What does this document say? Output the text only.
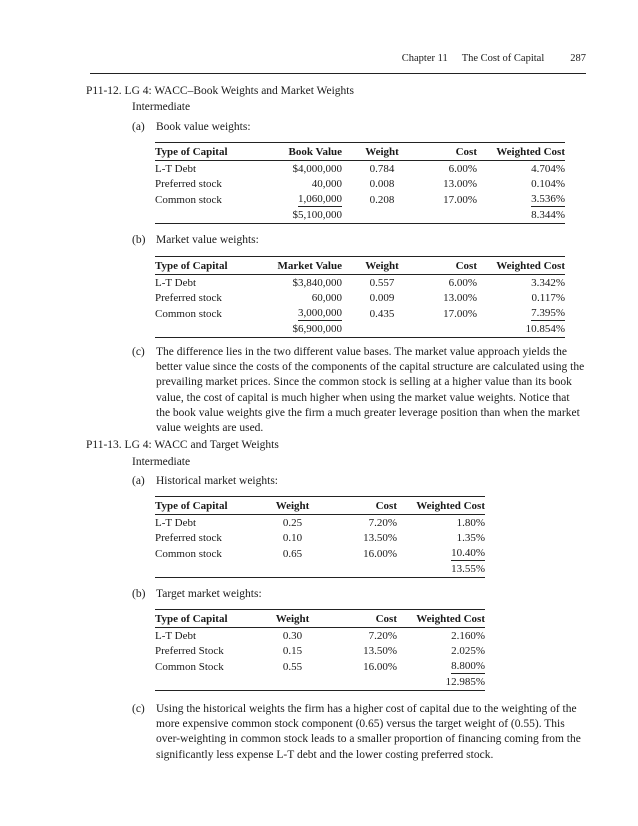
Chapter 11 The Cost of Capital 287
P11-12. LG 4: WACC–Book Weights and Market Weights
Intermediate
(a) Book value weights:
Type of Capital	Book Value	Weight	Cost	Weighted Cost
L-T Debt	$4,000,000	0.784	6.00%	4.704%
Preferred stock	40,000	0.008	13.00%	0.104%
Common stock	1,060,000	0.208	17.00%	3.536%
	$5,100,000			8.344%
(b) Market value weights:
Type of Capital	Market Value	Weight	Cost	Weighted Cost
L-T Debt	$3,840,000	0.557	6.00%	3.342%
Preferred stock	60,000	0.009	13.00%	0.117%
Common stock	3,000,000	0.435	17.00%	7.395%
	$6,900,000			10.854%
(c) The difference lies in the two different value bases. The market value approach yields the better value since the costs of the components of the capital structure are calculated using the prevailing market prices. Since the common stock is selling at a higher value than its book value, the cost of capital is much higher when using the market value weights. Notice that the book value weights give the firm a much greater leverage position than when the market value weights are used.
P11-13. LG 4: WACC and Target Weights
Intermediate
(a) Historical market weights:
Type of Capital	Weight	Cost	Weighted Cost
L-T Debt	0.25	7.20%	1.80%
Preferred stock	0.10	13.50%	1.35%
Common stock	0.65	16.00%	10.40%
			13.55%
(b) Target market weights:
Type of Capital	Weight	Cost	Weighted Cost
L-T Debt	0.30	7.20%	2.160%
Preferred Stock	0.15	13.50%	2.025%
Common Stock	0.55	16.00%	8.800%
			12.985%
(c) Using the historical weights the firm has a higher cost of capital due to the weighting of the more expensive common stock component (0.65) versus the target weight of (0.55). This over-weighting in common stock leads to a smaller proportion of financing coming from the significantly less expense L-T debt and the lower costing preferred stock.
